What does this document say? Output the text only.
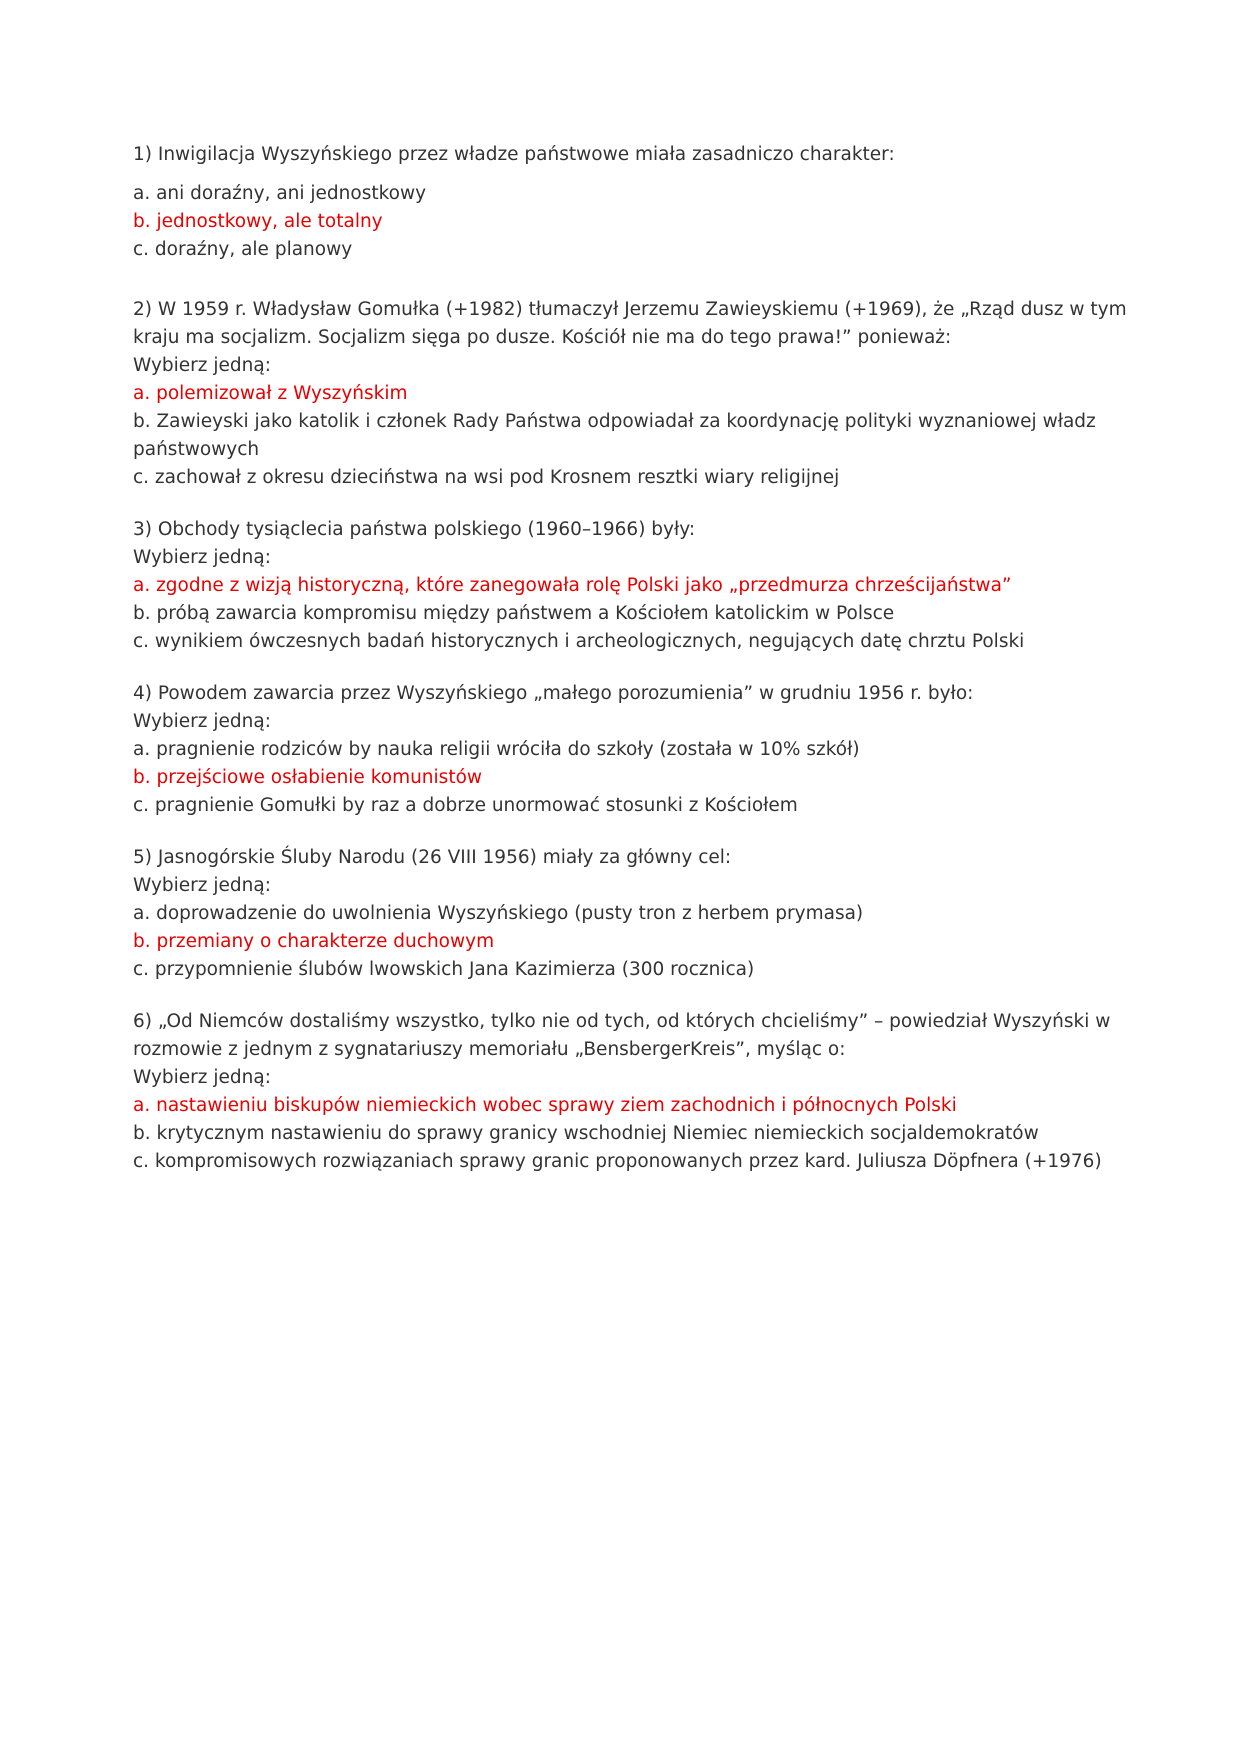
1) Inwigilacja Wyszyńskiego przez władze państwowe miała zasadniczo charakter:

a. ani doraźny, ani jednostkowy

b. jednostkowy, ale totalny

c. doraźny, ale planowy

2) W 1959 r. Władysław Gomułka (+1982) tłumaczył Jerzemu Zawieyskiemu (+1969), że „Rząd dusz w tym kraju ma socjalizm. Socjalizm sięga po dusze. Kościół nie ma do tego prawa!” ponieważ:

Wybierz jedną:

a. polemizował z Wyszyńskim

b. Zawieyski jako katolik i członek Rady Państwa odpowiadał za koordynację polityki wyznaniowej władz państwowych

c. zachował z okresu dzieciństwa na wsi pod Krosnem resztki wiary religijnej

3) Obchody tysiąclecia państwa polskiego (1960–1966) były:

Wybierz jedną:

a. zgodne z wizją historyczną, które zanegowała rolę Polski jako „przedmurza chrześcijaństwa”

b. próbą zawarcia kompromisu między państwem a Kościołem katolickim w Polsce

c. wynikiem ówczesnych badań historycznych i archeologicznych, negujących datę chrztu Polski

4) Powodem zawarcia przez Wyszyńskiego „małego porozumienia” w grudniu 1956 r. było:

Wybierz jedną:

a. pragnienie rodziców by nauka religii wróciła do szkoły (została w 10% szkół)

b. przejściowe osłabienie komunistów

c. pragnienie Gomułki by raz a dobrze unormować stosunki z Kościołem

5) Jasnogórskie Śluby Narodu (26 VIII 1956) miały za główny cel:

Wybierz jedną:

a. doprowadzenie do uwolnienia Wyszyńskiego (pusty tron z herbem prymasa)

b. przemiany o charakterze duchowym

c. przypomnienie ślubów lwowskich Jana Kazimierza (300 rocznica)

6) „Od Niemców dostaliśmy wszystko, tylko nie od tych, od których chcieliśmy” – powiedział Wyszyński w rozmowie z jednym z sygnatariuszy memoriału „BensbergerKreis”, myśląc o:

Wybierz jedną:

a. nastawieniu biskupów niemieckich wobec sprawy ziem zachodnich i północnych Polski

b. krytycznym nastawieniu do sprawy granicy wschodniej Niemiec niemieckich socjaldemokratów

c. kompromisowych rozwiązaniach sprawy granic proponowanych przez kard. Juliusza Döpfnera (+1976)
